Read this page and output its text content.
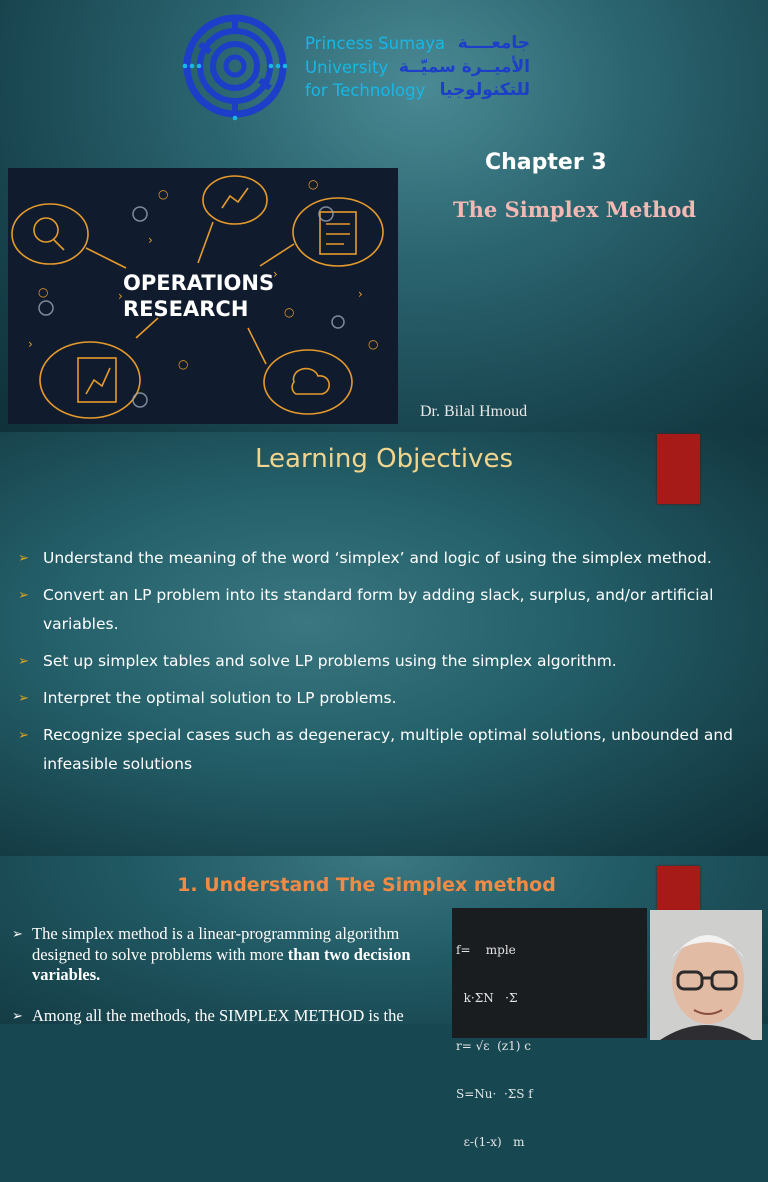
Princess Sumaya
University
for Technology
جامعــــة
الأميــرة سميّــة
للتكنولوجيا
○
○
○	›
›
›
○
○
›	○
›
OPERATIONS
RESEARCH
Chapter 3
The Simplex Method
Dr. Bilal Hmoud
Learning Objectives
➢ Understand the meaning of the word ‘simplex’ and logic of using the simplex method.
➢ Convert an LP problem into its standard form by adding slack, surplus, and/or artificial variables.
➢ Set up simplex tables and solve LP problems using the simplex algorithm.
➢ Interpret the optimal solution to LP problems.
➢ Recognize special cases such as degeneracy, multiple optimal solutions, unbounded and infeasible solutions
1. Understand The Simplex method
➢ The simplex method is a linear-programming algorithm designed to solve problems with more than two decision variables.
➢ Among all the methods, the SIMPLEX METHOD is the

f=    mple

k·ΣN   ·Σ

r= √ε  (z1) c

S=Nu·  ·ΣS f

ε-(1-x)   m
